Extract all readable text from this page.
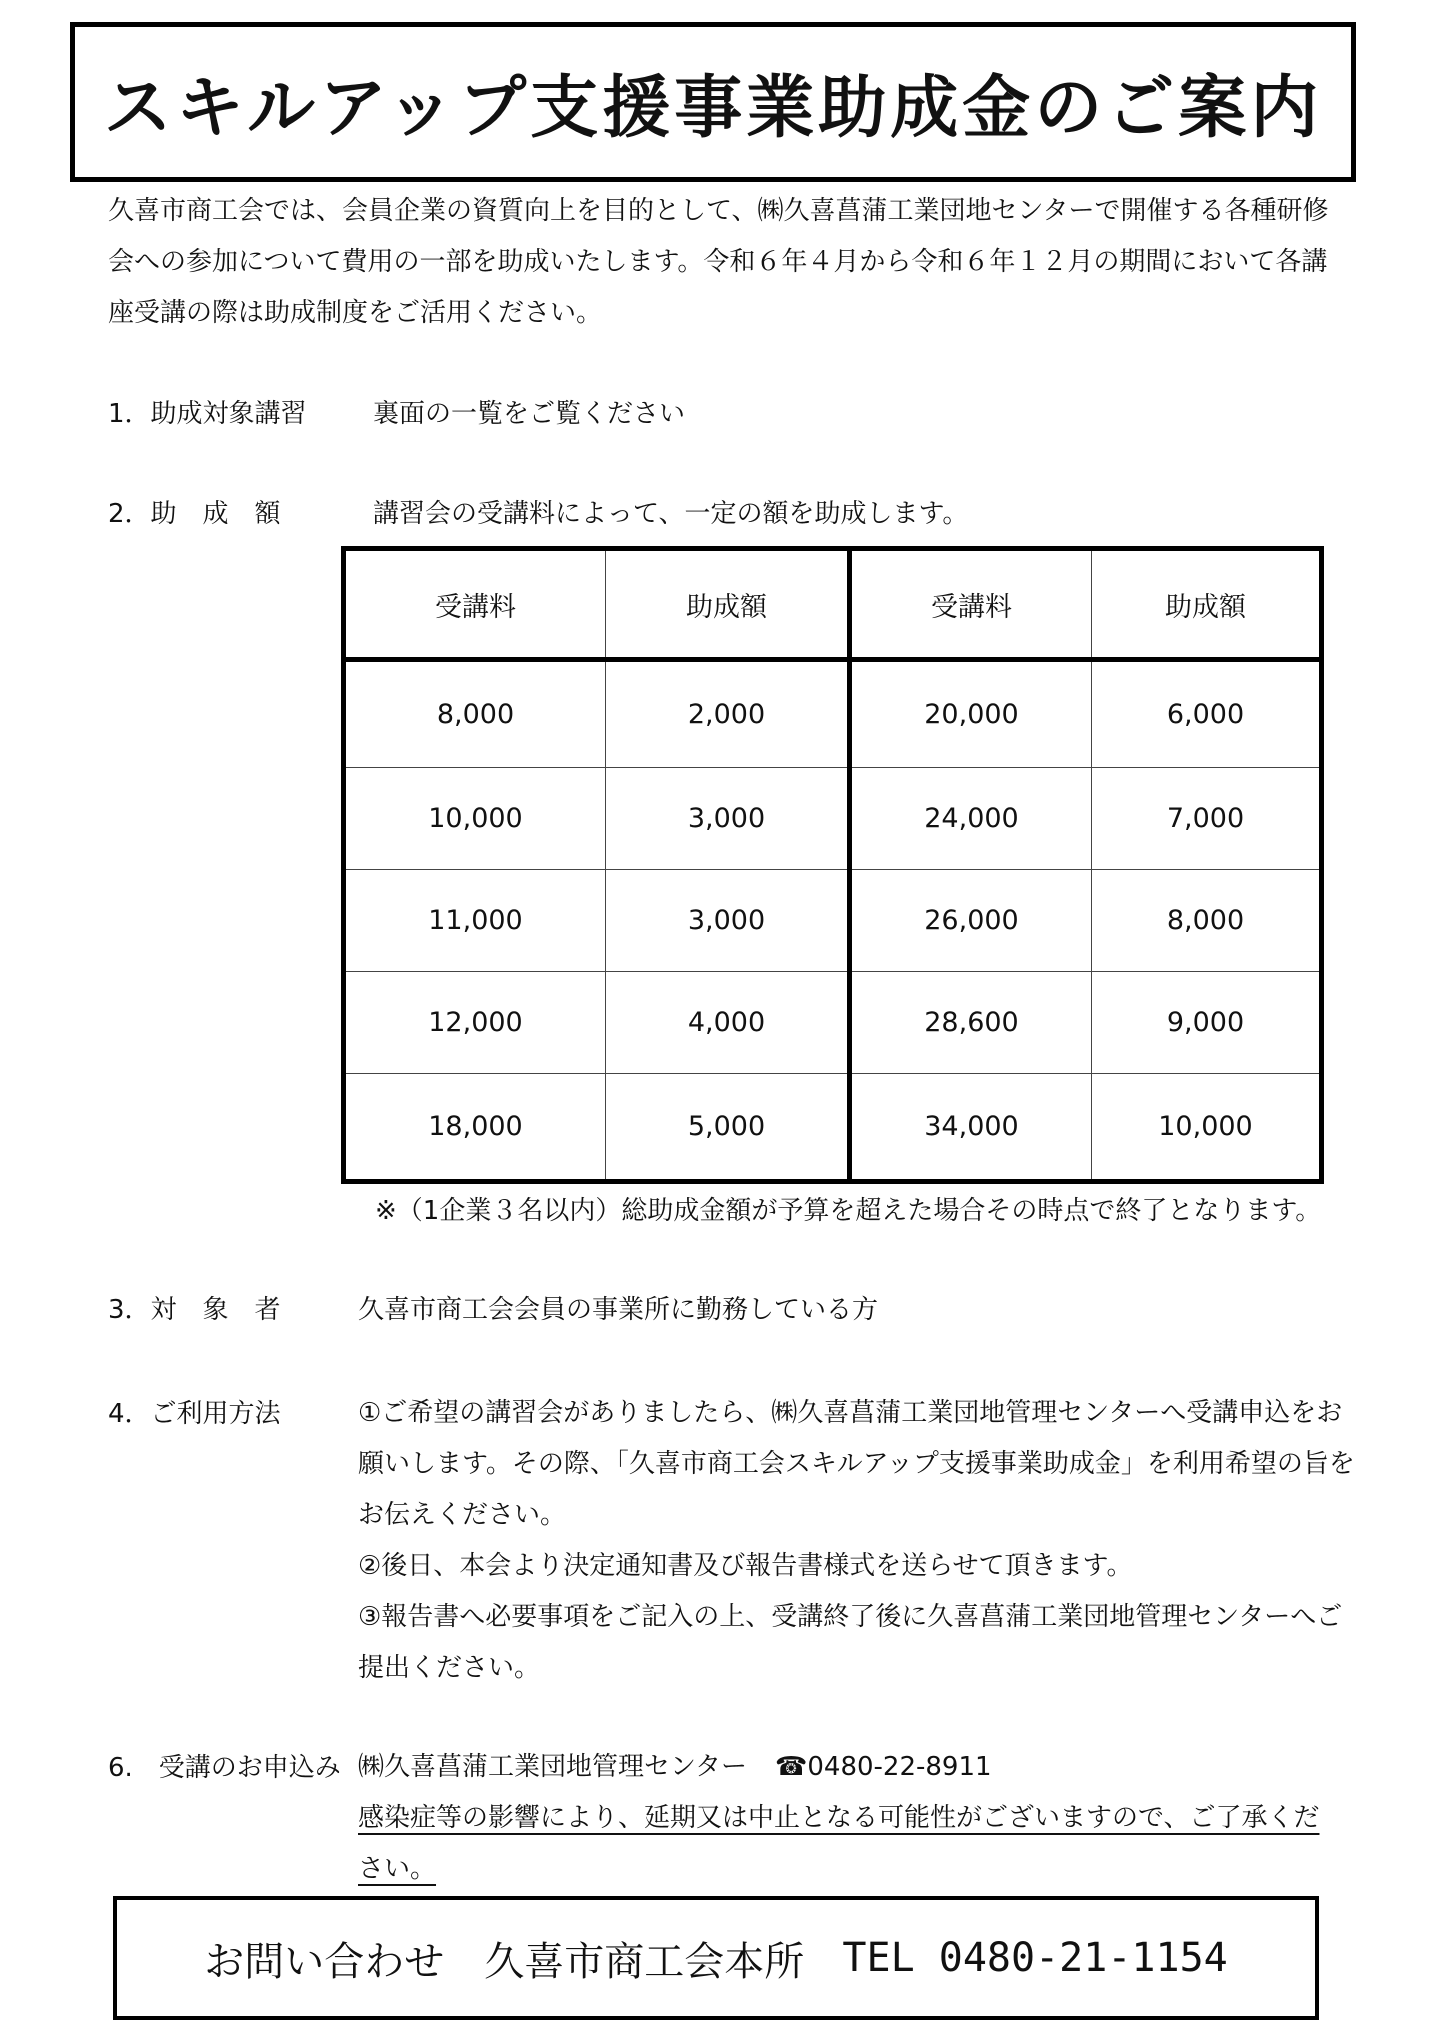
スキルアップ支援事業助成金のご案内

久喜市商工会では、会員企業の資質向上を目的として、㈱久喜菖蒲工業団地センターで開催する各種研修会への参加について費用の一部を助成いたします。令和６年４月から令和６年１２月の期間において各講座受講の際は助成制度をご活用ください。

1．助成対象講習	裏面の一覧をご覧ください
2．助　成　額	講習会の受講料によって、一定の額を助成します。
受講料	助成額	受講料	助成額
8,000	2,000	20,000	6,000
10,000	3,000	24,000	7,000
11,000	3,000	26,000	8,000
12,000	4,000	28,600	9,000
18,000	5,000	34,000	10,000
※（1企業３名以内）総助成金額が予算を超えた場合その時点で終了となります。
3．対　象　者	久喜市商工会会員の事業所に勤務している方
4．ご利用方法	①ご希望の講習会がありましたら、㈱久喜菖蒲工業団地管理センターへ受講申込をお願いします。その際、「久喜市商工会スキルアップ支援事業助成金」を利用希望の旨をお伝えください。

②後日、本会より決定通知書及び報告書様式を送らせて頂きます。

③報告書へ必要事項をご記入の上、受講終了後に久喜菖蒲工業団地管理センターへご提出ください。

6.　受講のお申込み ㈱久喜菖蒲工業団地管理センター ☎0480-22-8911

感染症等の影響により、延期又は中止となる可能性がございますので、ご了承ください。

お問い合わせ　久喜市商工会本所
TEL 0480-21-1154
